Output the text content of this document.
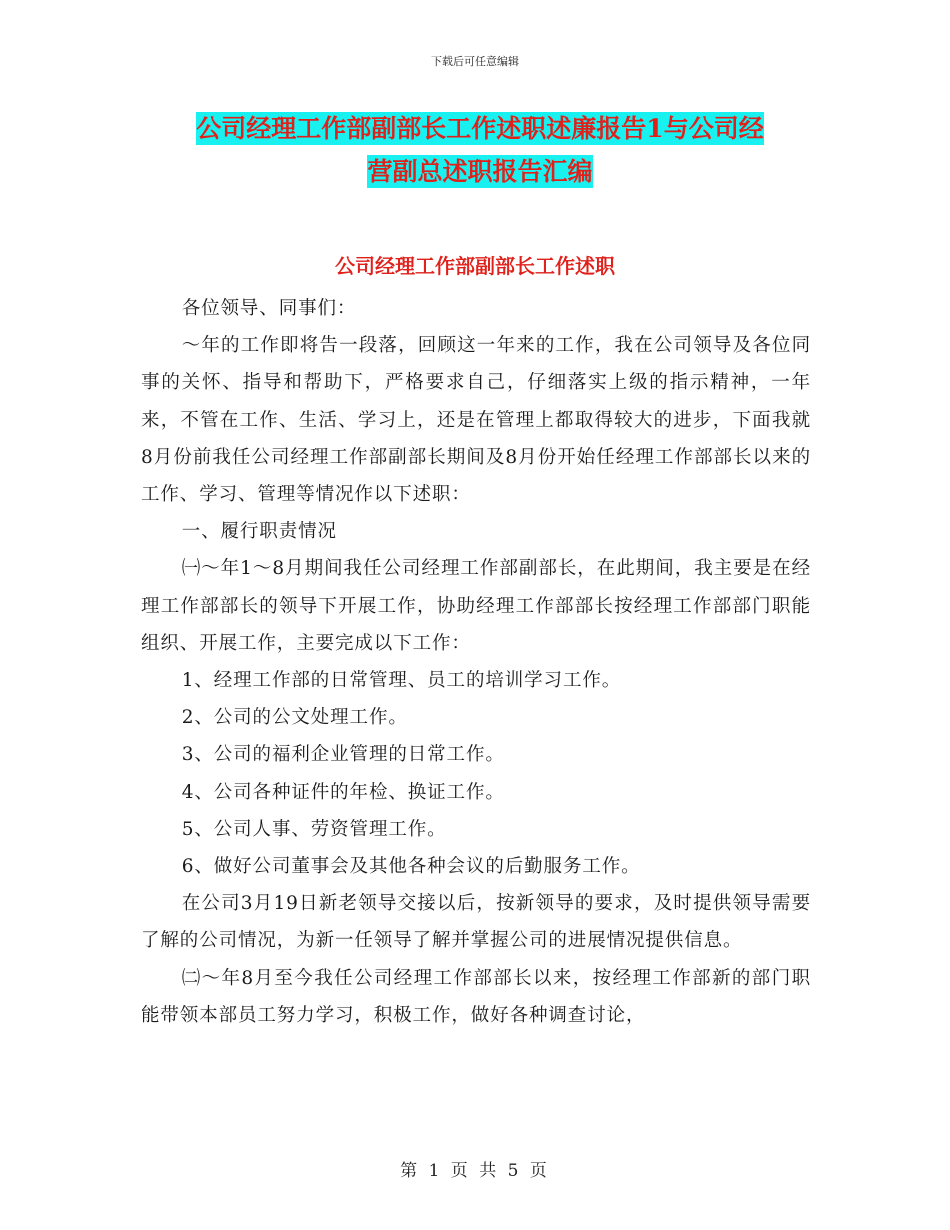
下载后可任意编辑
公司经理工作部副部长工作述职述廉报告1与公司经
营副总述职报告汇编
公司经理工作部副部长工作述职

各位领导、同事们：

～年的工作即将告一段落，回顾这一年来的工作，我在公司领导及各位同事的关怀、指导和帮助下，严格要求自己，仔细落实上级的指示精神，一年来，不管在工作、生活、学习上，还是在管理上都取得较大的进步，下面我就8月份前我任公司经理工作部副部长期间及8月份开始任经理工作部部长以来的工作、学习、管理等情况作以下述职：

一、履行职责情况

㈠～年1～8月期间我任公司经理工作部副部长，在此期间，我主要是在经理工作部部长的领导下开展工作，协助经理工作部部长按经理工作部部门职能组织、开展工作，主要完成以下工作：

1、经理工作部的日常管理、员工的培训学习工作。

2、公司的公文处理工作。

3、公司的福利企业管理的日常工作。

4、公司各种证件的年检、换证工作。

5、公司人事、劳资管理工作。

6、做好公司董事会及其他各种会议的后勤服务工作。

在公司3月19日新老领导交接以后，按新领导的要求，及时提供领导需要了解的公司情况，为新一任领导了解并掌握公司的进展情况提供信息。

㈡～年8月至今我任公司经理工作部部长以来，按经理工作部新的部门职能带领本部员工努力学习，积极工作，做好各种调查讨论，

第 1 页 共 5 页
